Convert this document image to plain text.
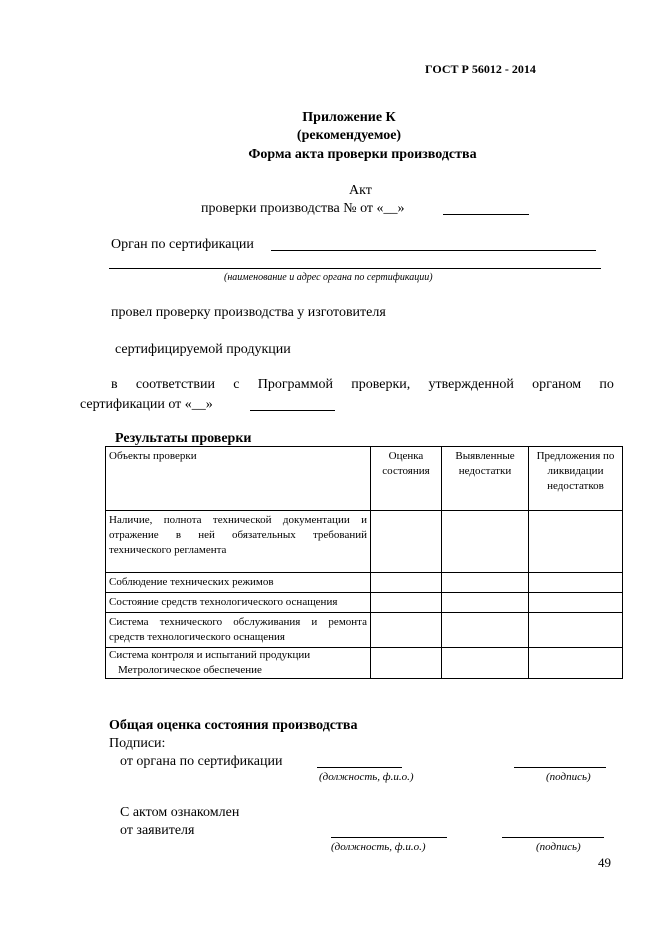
ГОСТ Р 56012 - 2014
Приложение К
(рекомендуемое)
Форма акта проверки производства
Акт
проверки производства № от «__»
Орган по сертификации
(наименование и адрес органа по сертификации)
провел проверку производства у изготовителя
сертифицируемой продукции
в соответствии с Программой проверки, утвержденной органом по
сертификации от «__»
Результаты проверки
Объекты проверки	Оценка состояния	Выявленные недостатки	Предложения по ликвидации недостатков
Наличие, полнота технической документации и отражение в ней обязательных требований технического регламента			
Соблюдение технических режимов			
Состояние средств технологического оснащения			
Система технического обслуживания и ремонта средств технологического оснащения			

Система контроля и испытаний продукции
Метрологическое обеспечение			

Общая оценка состояния производства
Подписи:
от органа по сертификации
(должность, ф.и.о.)	(подпись)
С актом ознакомлен
от заявителя
(должность, ф.и.о.)	(подпись)
49
